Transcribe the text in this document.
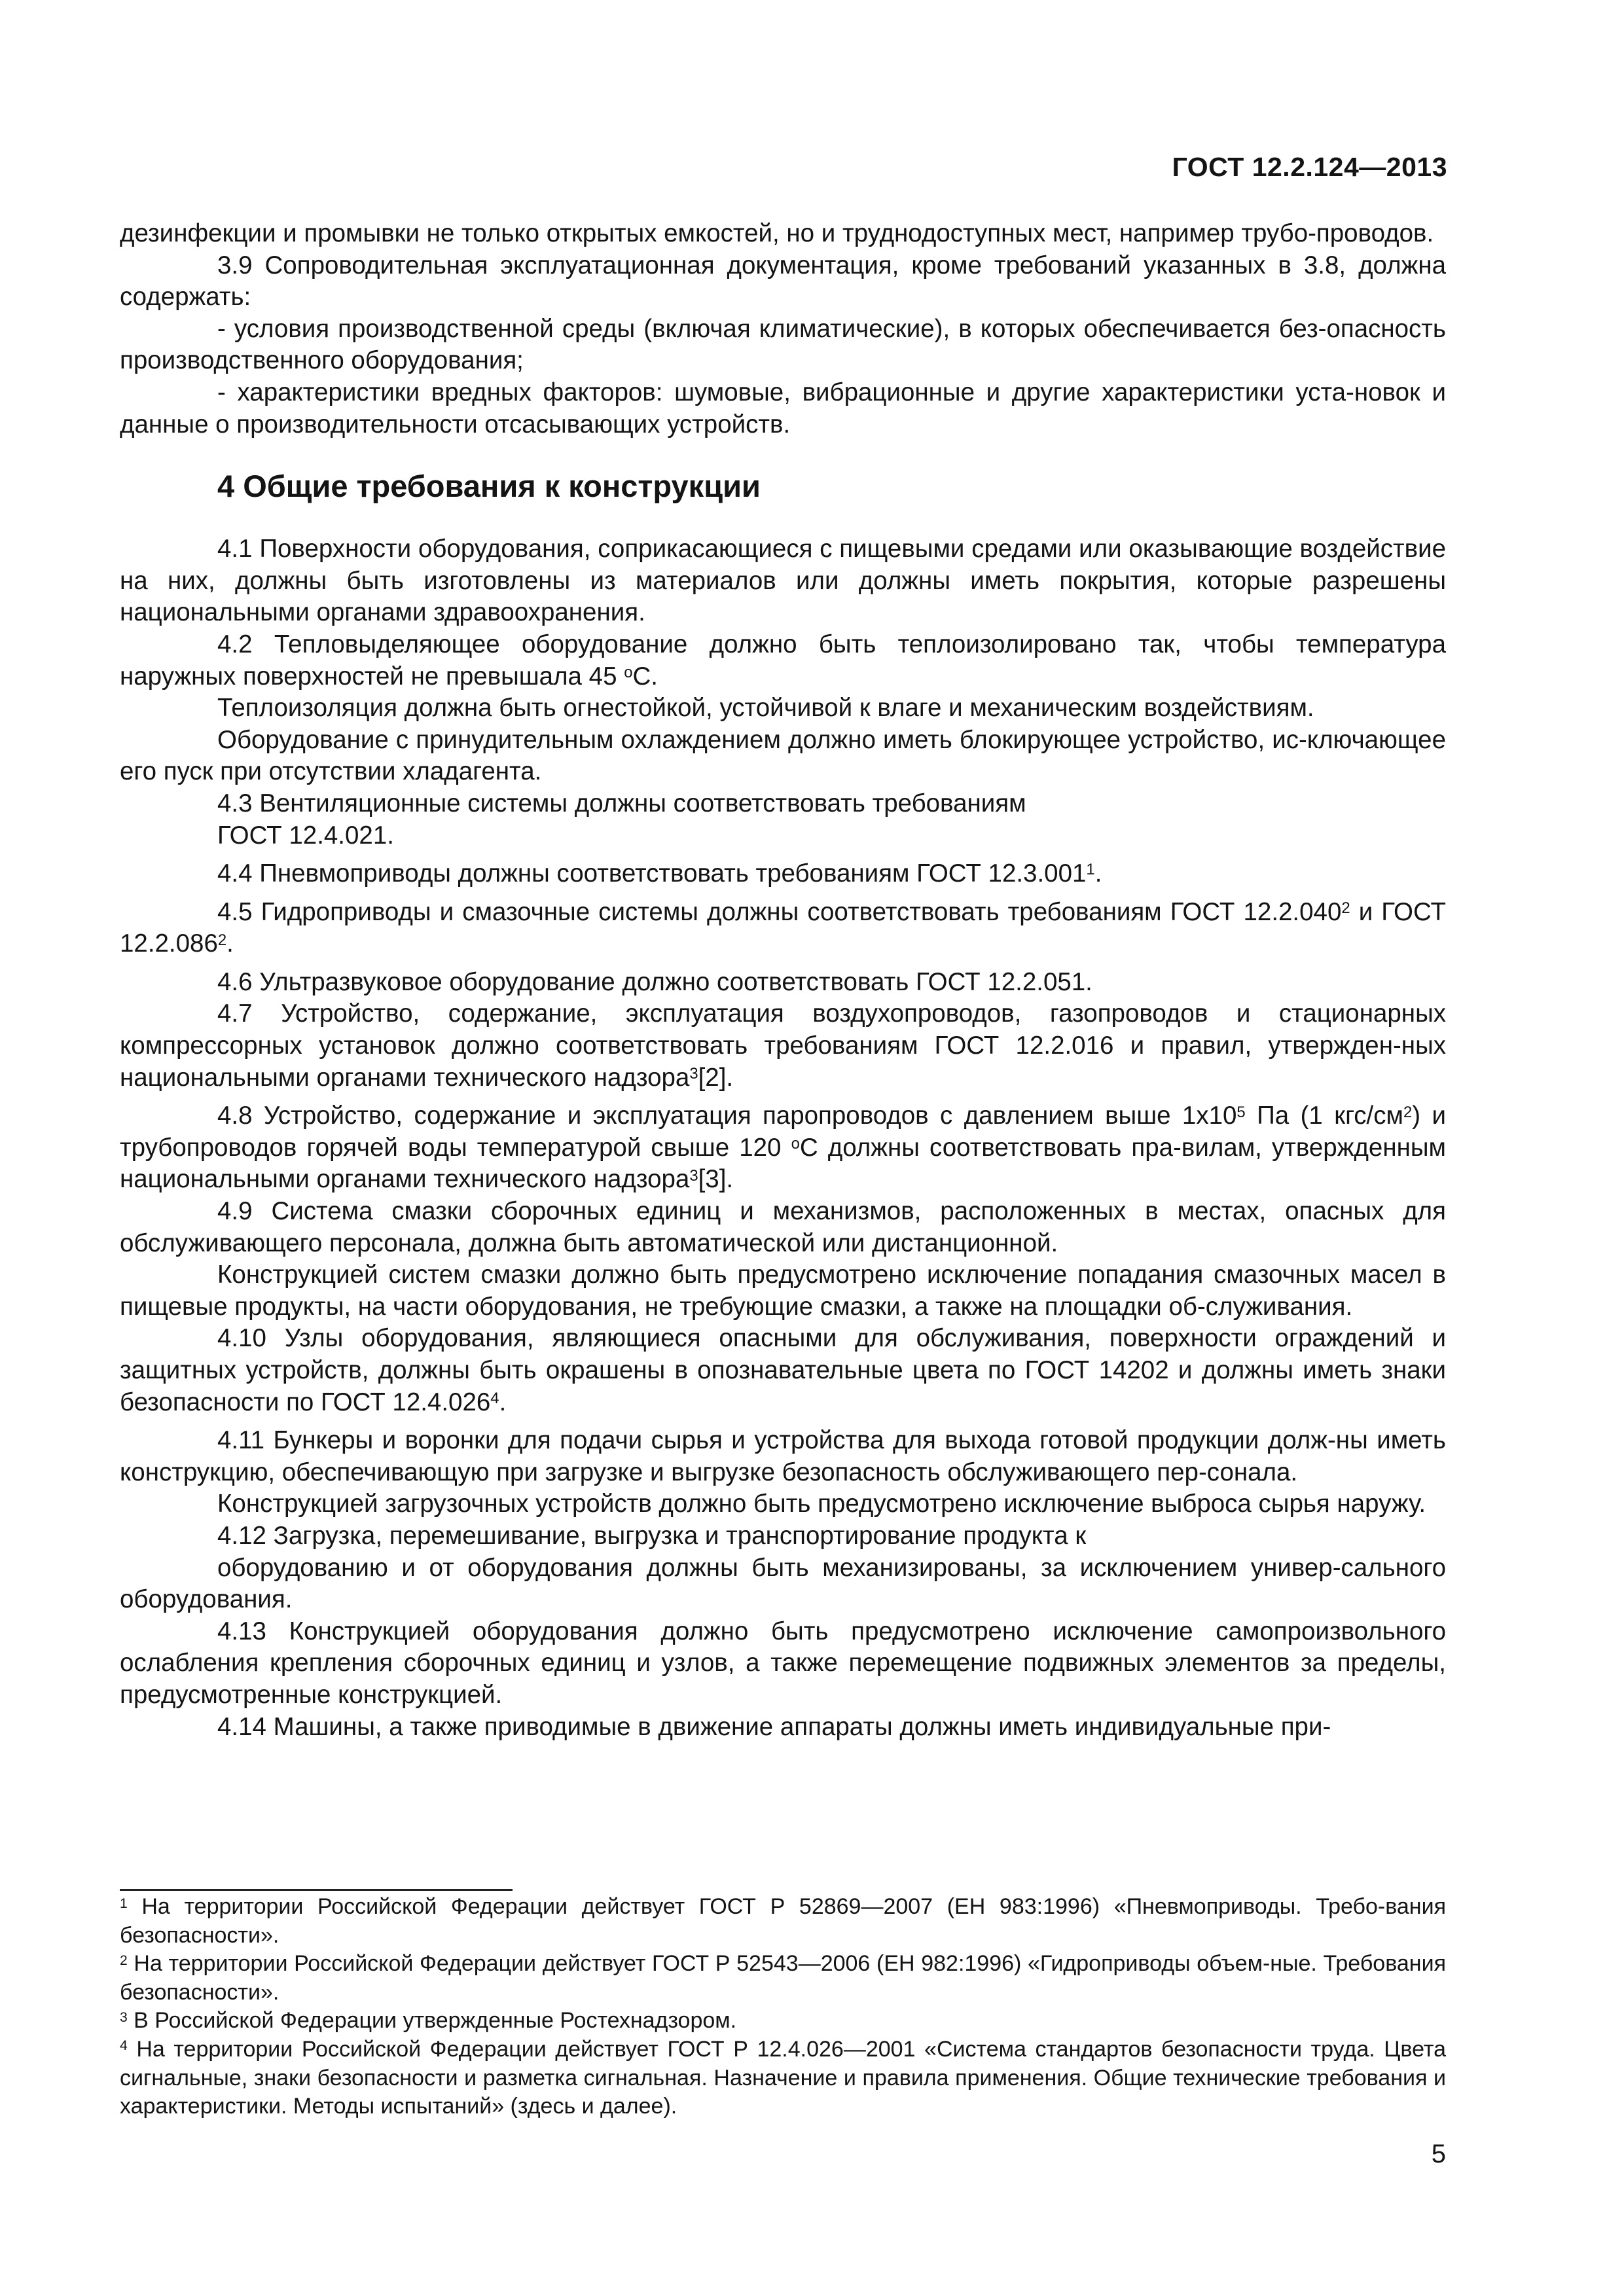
ГОСТ 12.2.124—2013

дезинфекции и промывки не только открытых емкостей, но и труднодоступных мест, например трубо-проводов.

3.9 Сопроводительная эксплуатационная документация, кроме требований указанных в 3.8, должна содержать:

- условия производственной среды (включая климатические), в которых обеспечивается без-опасность производственного оборудования;

- характеристики вредных факторов: шумовые, вибрационные и другие характеристики уста-новок и данные о производительности отсасывающих устройств.

4 Общие требования к конструкции

4.1 Поверхности оборудования, соприкасающиеся с пищевыми средами или оказывающие воздействие на них, должны быть изготовлены из материалов или должны иметь покрытия, которые разрешены национальными органами здравоохранения.

4.2 Тепловыделяющее оборудование должно быть теплоизолировано так, чтобы температура наружных поверхностей не превышала 45 $^o$C.

Теплоизоляция должна быть огнестойкой, устойчивой к влаге и механическим воздействиям.

Оборудование с принудительным охлаждением должно иметь блокирующее устройство, ис-ключающее его пуск при отсутствии хладагента.

4.3 Вентиляционные системы должны соответствовать требованиям

ГОСТ 12.4.021.

4.4 Пневмоприводы должны соответствовать требованиям ГОСТ 12.3.001$^1$.

4.5 Гидроприводы и смазочные системы должны соответствовать требованиям ГОСТ 12.2.040$^2$ и ГОСТ 12.2.086$^2$.

4.6 Ультразвуковое оборудование должно соответствовать ГОСТ 12.2.051.

4.7 Устройство, содержание, эксплуатация воздухопроводов, газопроводов и стационарных компрессорных установок должно соответствовать требованиям ГОСТ 12.2.016 и правил, утвержден-ных национальными органами технического надзора$^3$[2].

4.8 Устройство, содержание и эксплуатация паропроводов с давлением выше $1х10^5$ Па (1 кгс/$см^2$) и трубопроводов горячей воды температурой свыше 120 $^o$C должны соответствовать пра-вилам, утвержденным национальными органами технического надзора$^3$[3].

4.9 Система смазки сборочных единиц и механизмов, расположенных в местах, опасных для обслуживающего персонала, должна быть автоматической или дистанционной.

Конструкцией систем смазки должно быть предусмотрено исключение попадания смазочных масел в пищевые продукты, на части оборудования, не требующие смазки, а также на площадки об-служивания.

4.10 Узлы оборудования, являющиеся опасными для обслуживания, поверхности ограждений и защитных устройств, должны быть окрашены в опознавательные цвета по ГОСТ 14202 и должны иметь знаки безопасности по ГОСТ 12.4.026$^4$.

4.11 Бункеры и воронки для подачи сырья и устройства для выхода готовой продукции долж-ны иметь конструкцию, обеспечивающую при загрузке и выгрузке безопасность обслуживающего пер-сонала.

Конструкцией загрузочных устройств должно быть предусмотрено исключение выброса сырья наружу.

4.12 Загрузка, перемешивание, выгрузка и транспортирование продукта к

оборудованию и от оборудования должны быть механизированы, за исключением универ-сального оборудования.

4.13 Конструкцией оборудования должно быть предусмотрено исключение самопроизвольного ослабления крепления сборочных единиц и узлов, а также перемещение подвижных элементов за пределы, предусмотренные конструкцией.

4.14 Машины, а также приводимые в движение аппараты должны иметь индивидуальные при-

$^1$ На территории Российской Федерации действует ГОСТ Р 52869—2007 (ЕН 983:1996) «Пневмоприводы. Требо-вания безопасности».

$^2$ На территории Российской Федерации действует ГОСТ Р 52543—2006 (ЕН 982:1996) «Гидроприводы объем-ные. Требования безопасности».

$^3$ В Российской Федерации утвержденные Ростехнадзором.

$^4$ На территории Российской Федерации действует ГОСТ Р 12.4.026—2001 «Система стандартов безопасности труда. Цвета сигнальные, знаки безопасности и разметка сигнальная. Назначение и правила применения. Общие технические требования и характеристики. Методы испытаний» (здесь и далее).

5
